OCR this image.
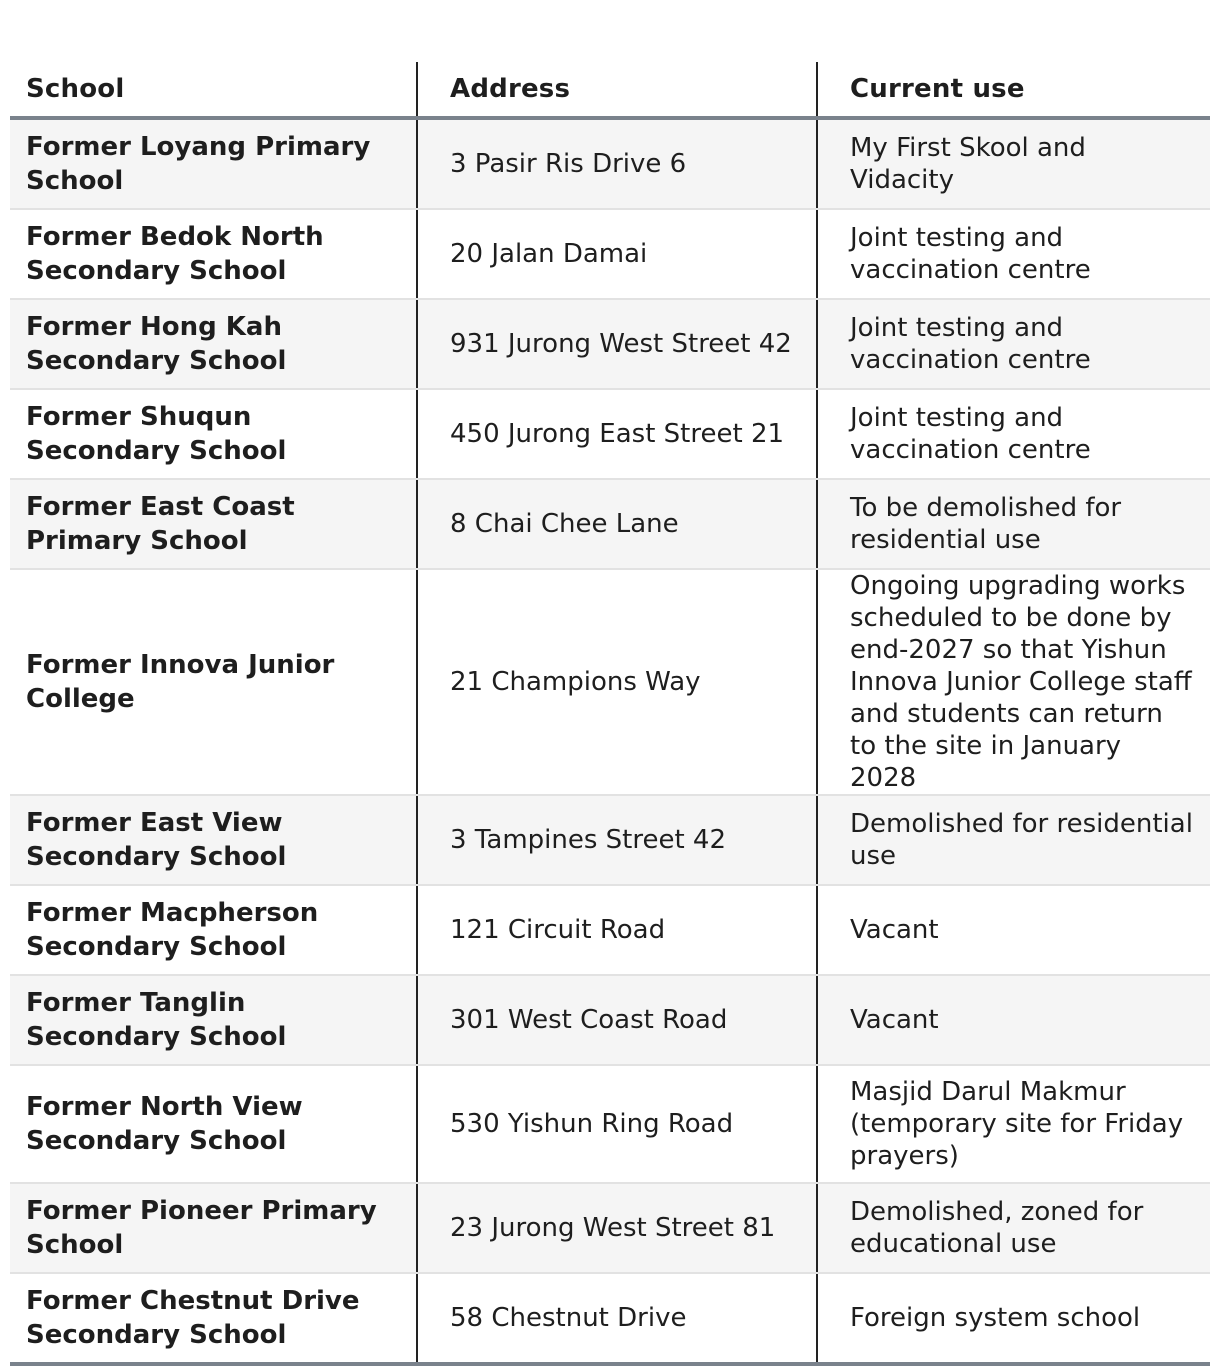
School	Address	Current use
Former Loyang Primary School	3 Pasir Ris Drive 6	My First Skool and Vidacity
Former Bedok North Secondary School	20 Jalan Damai	Joint testing and vaccination centre
Former Hong Kah Secondary School	931 Jurong West Street 42	Joint testing and vaccination centre
Former Shuqun Secondary School	450 Jurong East Street 21	Joint testing and vaccination centre
Former East Coast Primary School	8 Chai Chee Lane	To be demolished for residential use
Former Innova Junior College	21 Champions Way	Ongoing upgrading works scheduled to be done by end-2027 so that Yishun Innova Junior College staff and students can return to the site in January 2028
Former East View Secondary School	3 Tampines Street 42	Demolished for residential use
Former Macpherson Secondary School	121 Circuit Road	Vacant
Former Tanglin Secondary School	301 West Coast Road	Vacant
Former North View Secondary School	530 Yishun Ring Road	Masjid Darul Makmur (temporary site for Friday prayers)
Former Pioneer Primary School	23 Jurong West Street 81	Demolished, zoned for educational use
Former Chestnut Drive Secondary School	58 Chestnut Drive	Foreign system school
